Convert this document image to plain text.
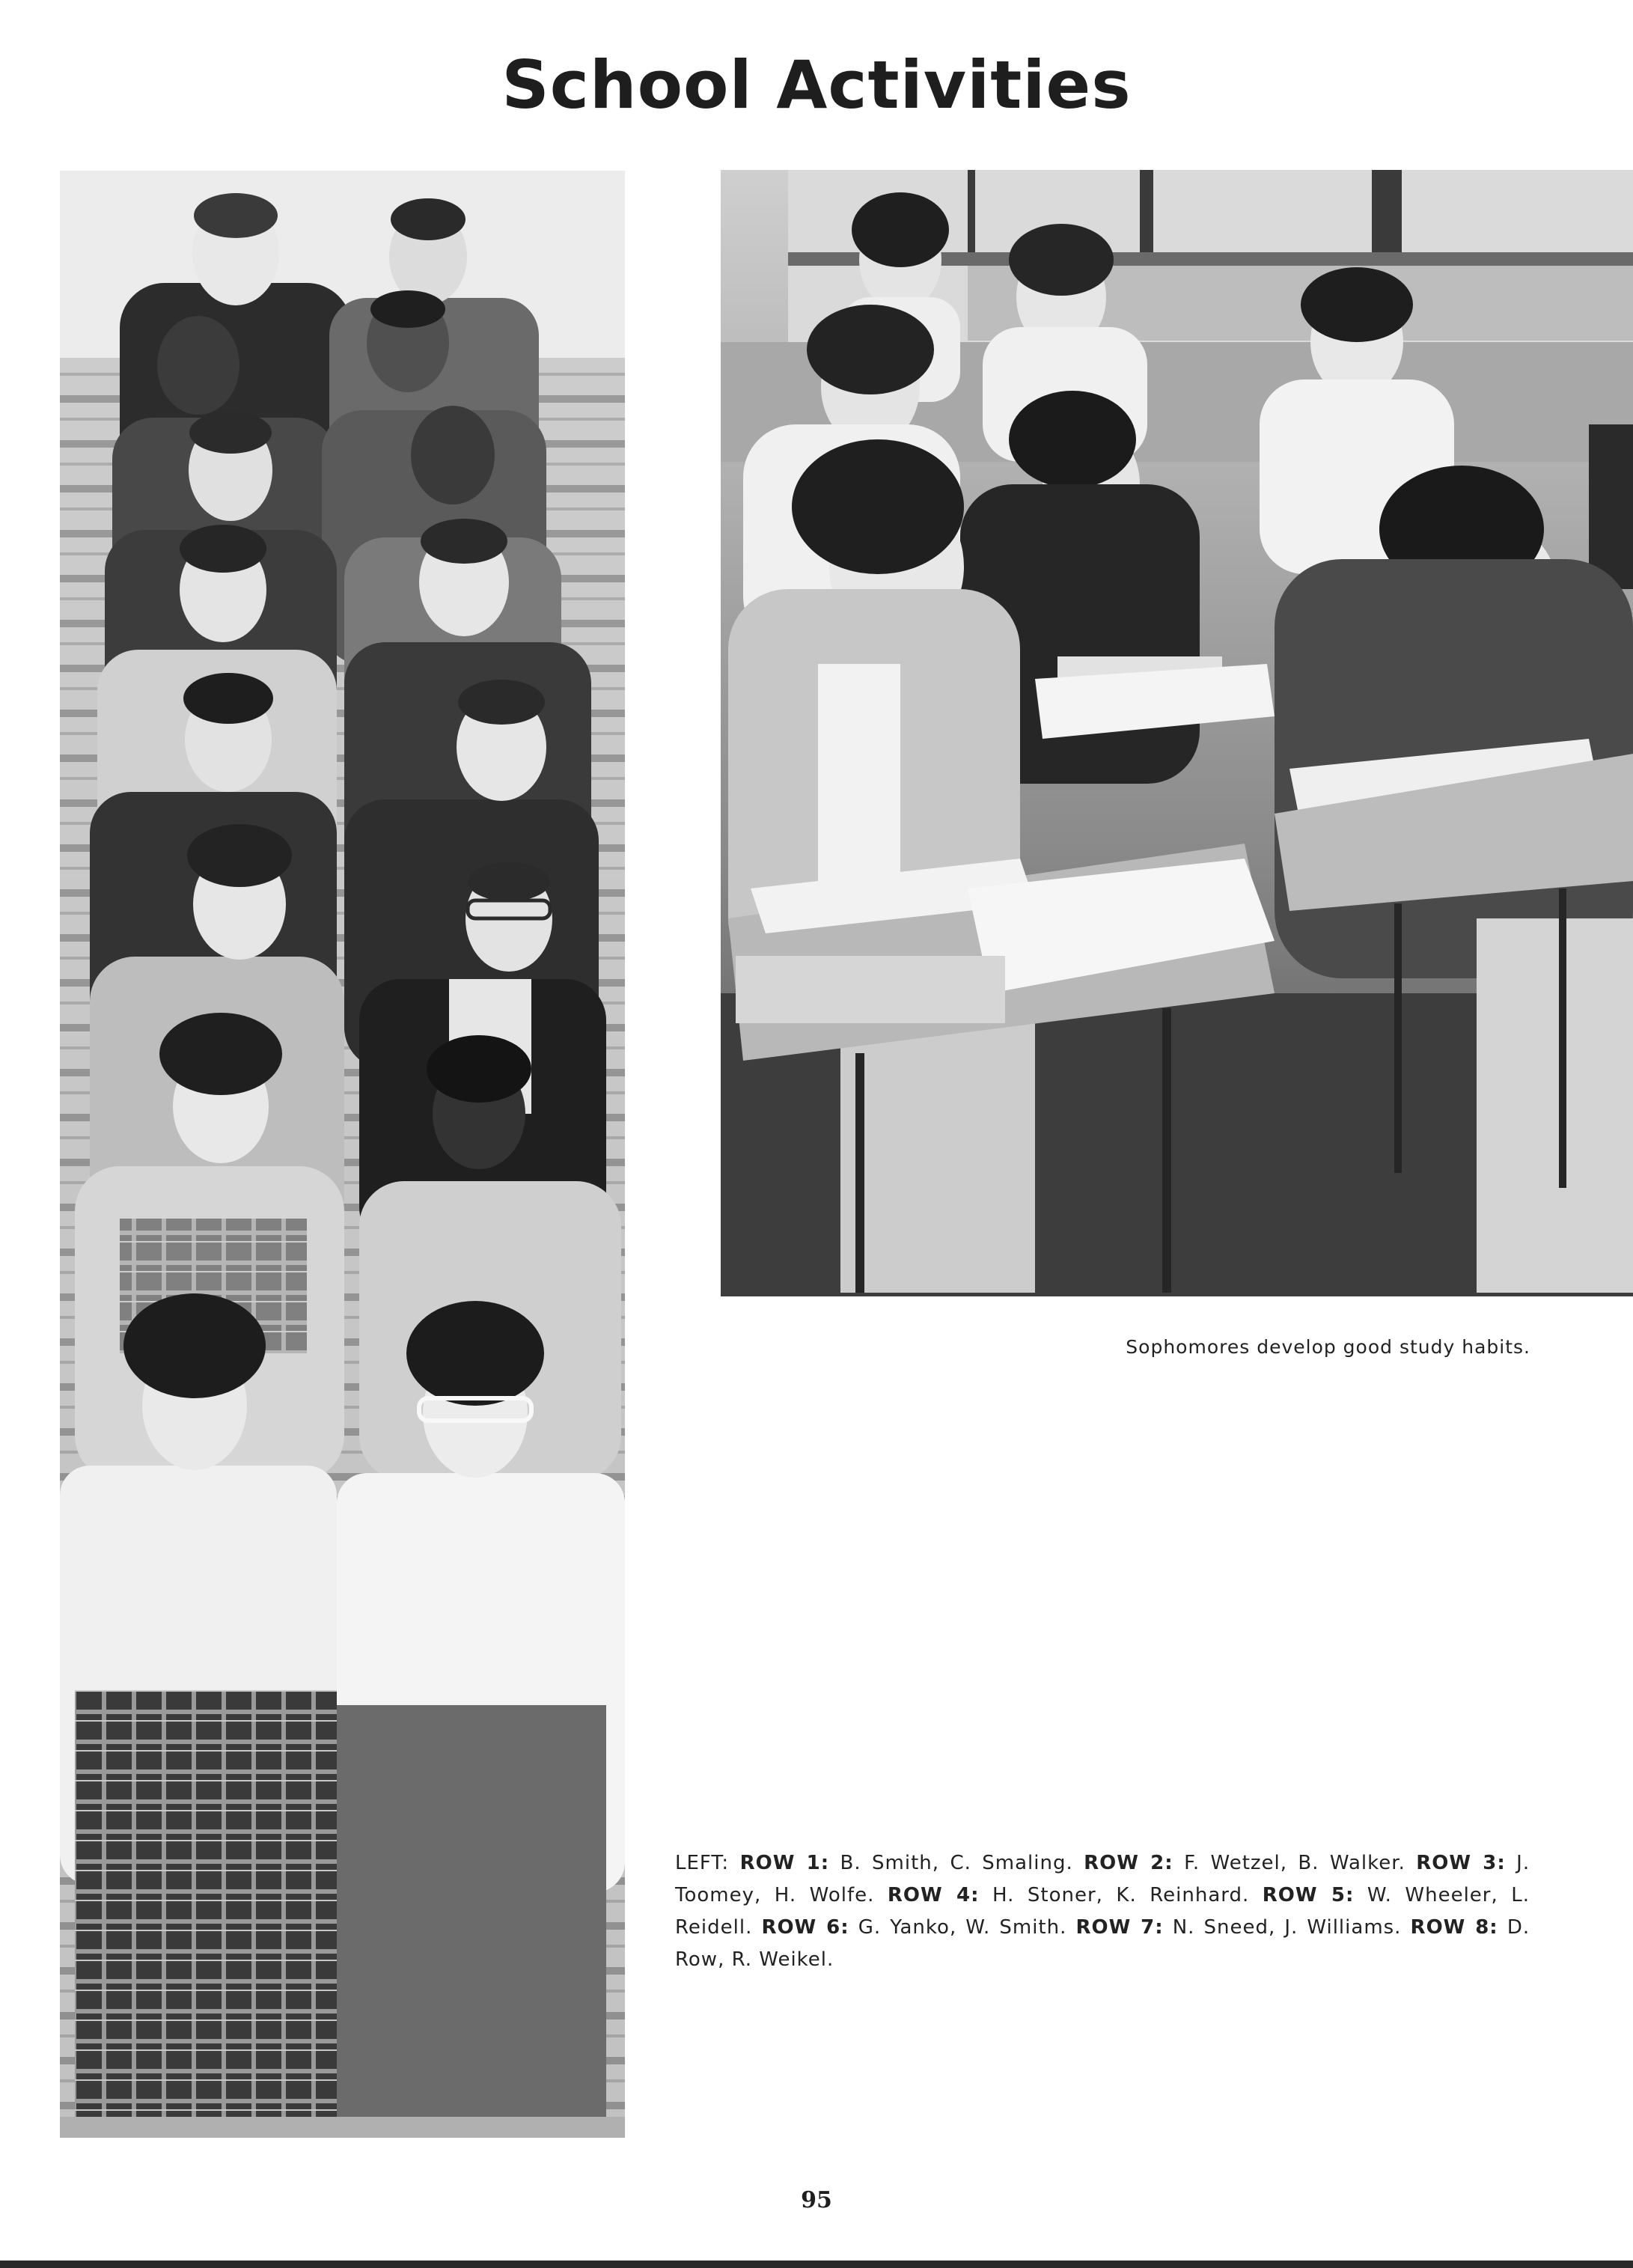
School Activities
Sophomores develop good study habits.
LEFT: ROW 1: B. Smith, C. Smaling. ROW 2: F. Wetzel, B. Walker. ROW 3: J. Toomey, H. Wolfe. ROW 4: H. Stoner, K. Reinhard. ROW 5: W. Wheeler, L. Reidell. ROW 6: G. Yanko, W. Smith. ROW 7: N. Sneed, J. Williams. ROW 8: D. Row, R. Weikel.
95
